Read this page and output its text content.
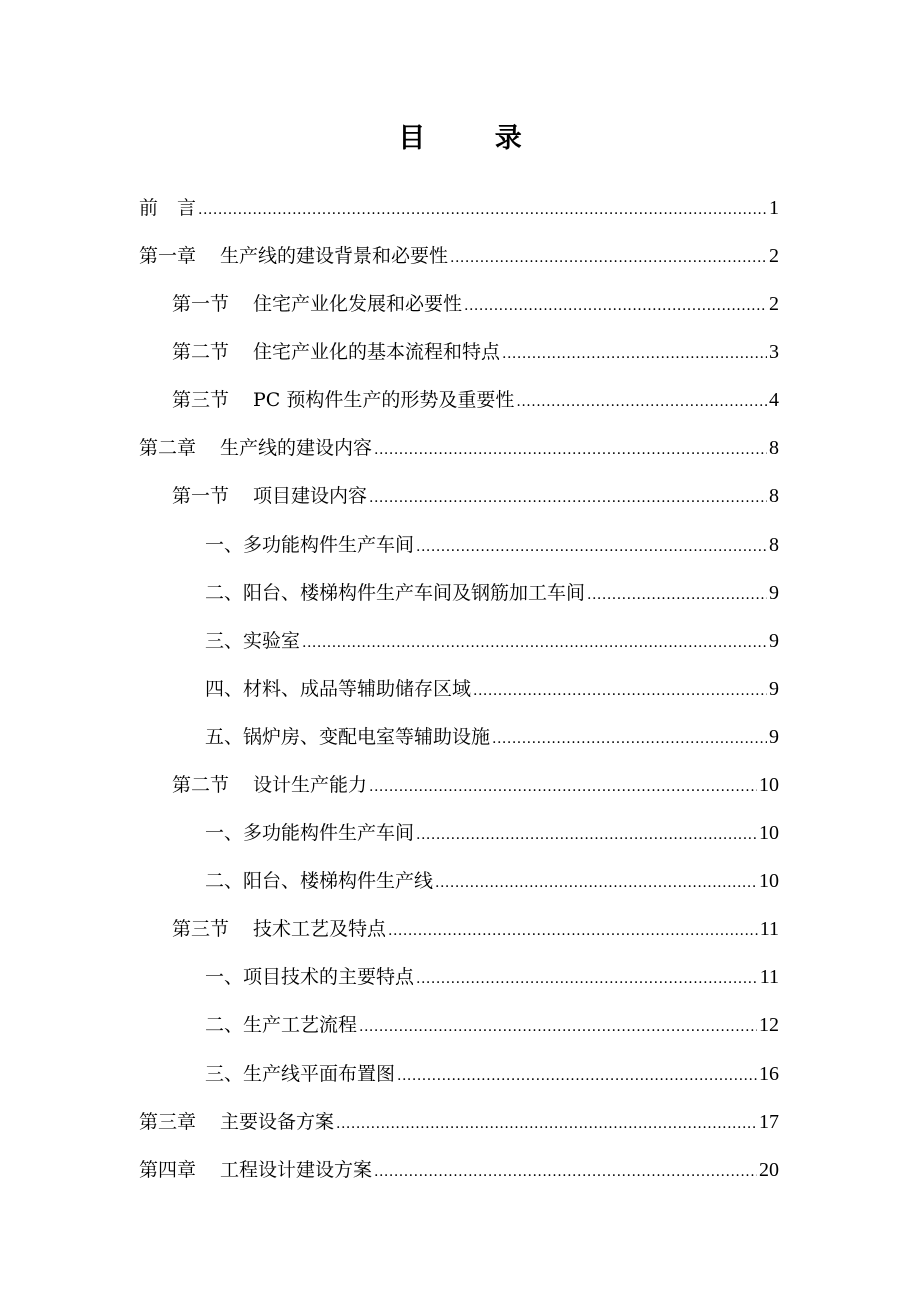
目 录
前　言 .....	1
第一章 生产线的建设背景和必要性 .....	2
第一节 住宅产业化发展和必要性 .....	2
第二节 住宅产业化的基本流程和特点 .....	3
第三节 PC 预构件生产的形势及重要性 .....	4
第二章 生产线的建设内容 .....	8
第一节 项目建设内容 .....	8
一、多功能构件生产车间 .....	8
二、阳台、楼梯构件生产车间及钢筋加工车间 .....	9
三、实验室 .....	9
四、材料、成品等辅助储存区域 .....	9
五、锅炉房、变配电室等辅助设施 .....	9
第二节 设计生产能力 .....	10
一、多功能构件生产车间 .....	10
二、阳台、楼梯构件生产线 .....	10
第三节 技术工艺及特点 .....	11
一、项目技术的主要特点 .....	11
二、生产工艺流程 .....	12
三、生产线平面布置图 .....	16
第三章 主要设备方案 .....	17
第四章 工程设计建设方案 .....	20
